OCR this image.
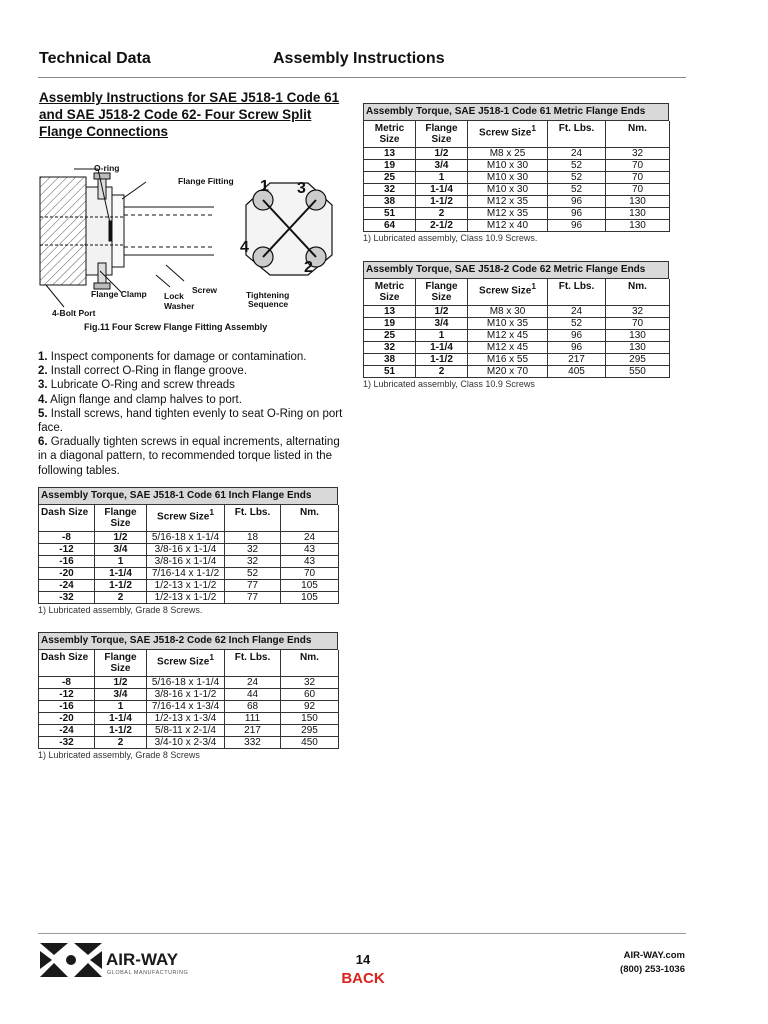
Technical Data	Assembly Instructions
Assembly Instructions for SAE J518-1 Code 61 and SAE J518-2 Code 62- Four Screw Split Flange Connections
O-ring
Flange Fitting
Flange Clamp Lock
Washer
Screw	Tightening
Sequence
4-Bolt Port
1
2
3
4
Fig.11 Four Screw Flange Fitting Assembly

1. Inspect components for damage or contamination.

2. Install correct O-Ring in flange groove.

3. Lubricate O-Ring and screw threads

4. Align flange and clamp halves to port.

5. Install screws, hand tighten evenly to seat O-Ring on port face.

6. Gradually tighten screws in equal increments, alternating in a diagonal pattern, to recommended torque listed in the following tables.

Assembly Torque, SAE J518-1 Code 61 Inch Flange Ends
Dash Size	Flange Size	Screw Size$^1$	Ft. Lbs.	Nm.
-8	1/2	5/16-18 x 1-1/4	18	24
-12	3/4	3/8-16 x 1-1/4	32	43
-16	1	3/8-16 x 1-1/4	32	43
-20	1-1/4	7/16-14 x 1-1/2	52	70
-24	1-1/2	1/2-13 x 1-1/2	77	105
-32	2	1/2-13 x 1-1/2	77	105
1) Lubricated assembly, Grade 8 Screws.
Assembly Torque, SAE J518-2 Code 62 Inch Flange Ends
Dash Size	Flange Size	Screw Size$^1$	Ft. Lbs.	Nm.
-8	1/2	5/16-18 x 1-1/4	24	32
-12	3/4	3/8-16 x 1-1/2	44	60
-16	1	7/16-14 x 1-3/4	68	92
-20	1-1/4	1/2-13 x 1-3/4	111	150
-24	1-1/2	5/8-11 x 2-1/4	217	295
-32	2	3/4-10 x 2-3/4	332	450
1) Lubricated assembly, Grade 8 Screws
Assembly Torque, SAE J518-1 Code 61 Metric Flange Ends
Metric Size	Flange Size	Screw Size$^1$	Ft. Lbs.	Nm.
13	1/2	M8 x 25	24	32
19	3/4	M10 x 30	52	70
25	1	M10 x 30	52	70
32	1-1/4	M10 x 30	52	70
38	1-1/2	M12 x 35	96	130
51	2	M12 x 35	96	130
64	2-1/2	M12 x 40	96	130
1) Lubricated assembly, Class 10.9 Screws.
Assembly Torque, SAE J518-2 Code 62 Metric Flange Ends
Metric Size	Flange Size	Screw Size$^1$	Ft. Lbs.	Nm.
13	1/2	M8 x 30	24	32
19	3/4	M10 x 35	52	70
25	1	M12 x 45	96	130
32	1-1/4	M12 x 45	96	130
38	1-1/2	M16 x 55	217	295
51	2	M20 x 70	405	550
1) Lubricated assembly, Class 10.9 Screws
AIR-WAY
GLOBAL MANUFACTURING
14
BACK
AIR-WAY.com
(800) 253-1036
